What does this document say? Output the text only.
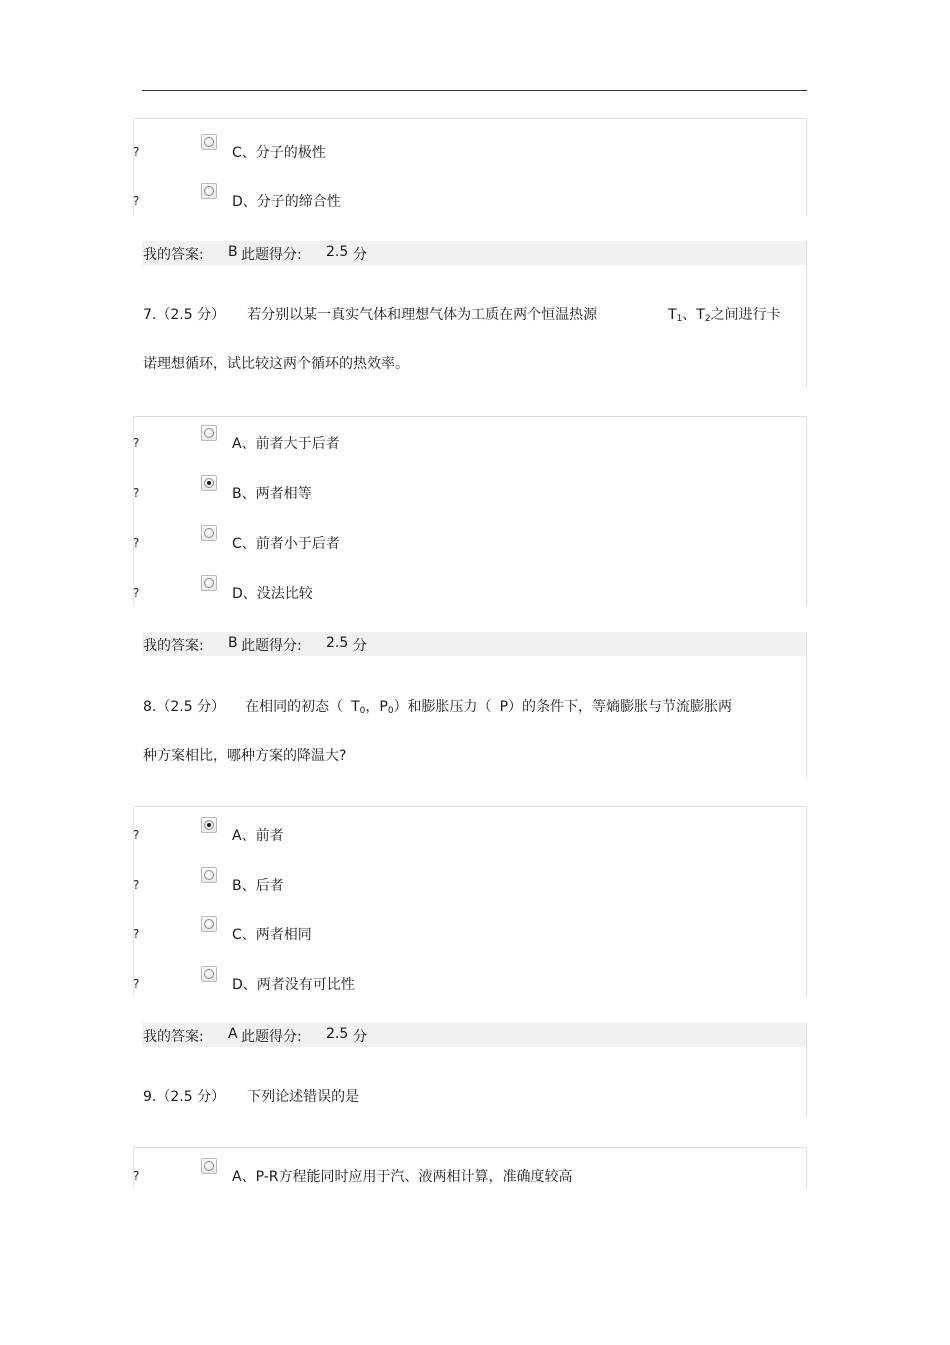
?	C、分子的极性
?	D、分子的缔合性
我的答案: B 此题得分: 2.5 分
7.（2.5 分） 若分别以某一真实气体和理想气体为工质在两个恒温热源	$T_1$、$T_2$之间进行卡
诺理想循环，试比较这两个循环的热效率。
?	A、前者大于后者
?	B、两者相等
?	C、前者小于后者
?	D、没法比较
我的答案: B 此题得分: 2.5 分
8.（2.5 分） 在相同的初态（ $T_0$，$P_0$）和膨胀压力（ P）的条件下，等熵膨胀与节流膨胀两
种方案相比，哪种方案的降温大?
?	A、前者
?	B、后者
?	C、两者相同
?	D、两者没有可比性
我的答案: A 此题得分: 2.5 分
9.（2.5 分） 下列论述错误的是
?	A、P-R方程能同时应用于汽、液两相计算，准确度较高
